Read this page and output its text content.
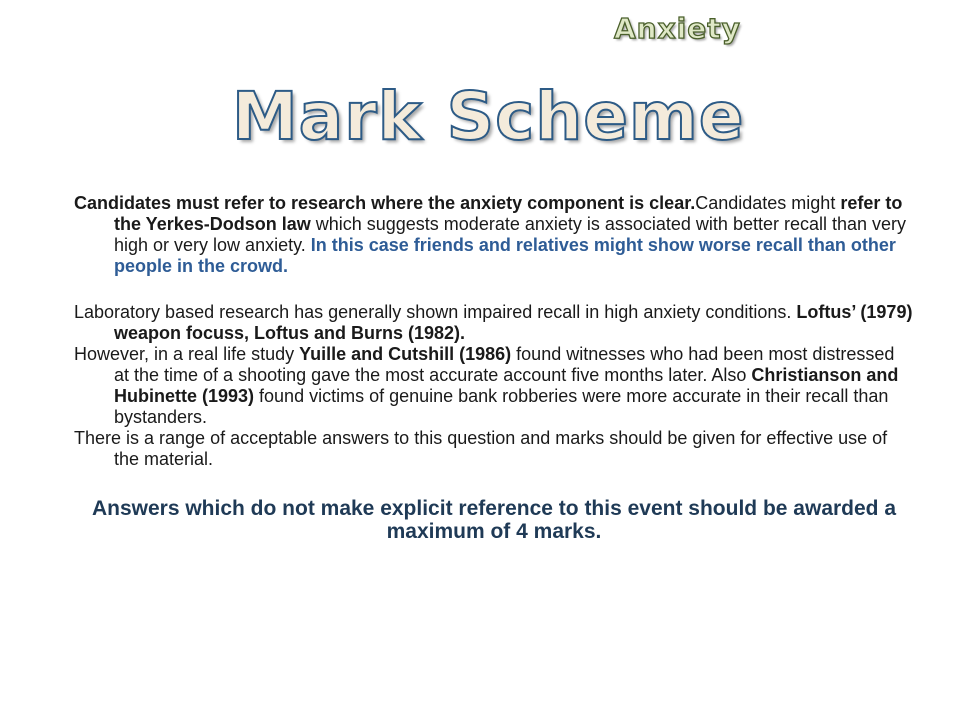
Anxiety
Mark Scheme

Candidates must refer to research where the anxiety component is clear.Candidates might refer to the Yerkes-Dodson law which suggests moderate anxiety is associated with better recall than very high or very low anxiety. In this case friends and relatives might show worse recall than other people in the crowd.

Laboratory based research has generally shown impaired recall in high anxiety conditions. Loftus’ (1979) weapon focuss, Loftus and Burns (1982).

However, in a real life study Yuille and Cutshill (1986) found witnesses who had been most distressed at the time of a shooting gave the most accurate account five months later. Also Christianson and Hubinette (1993) found victims of genuine bank robberies were more accurate in their recall than bystanders.

There is a range of acceptable answers to this question and marks should be given for effective use of the material.

Answers which do not make explicit reference to this event should be awarded a maximum of 4 marks.
